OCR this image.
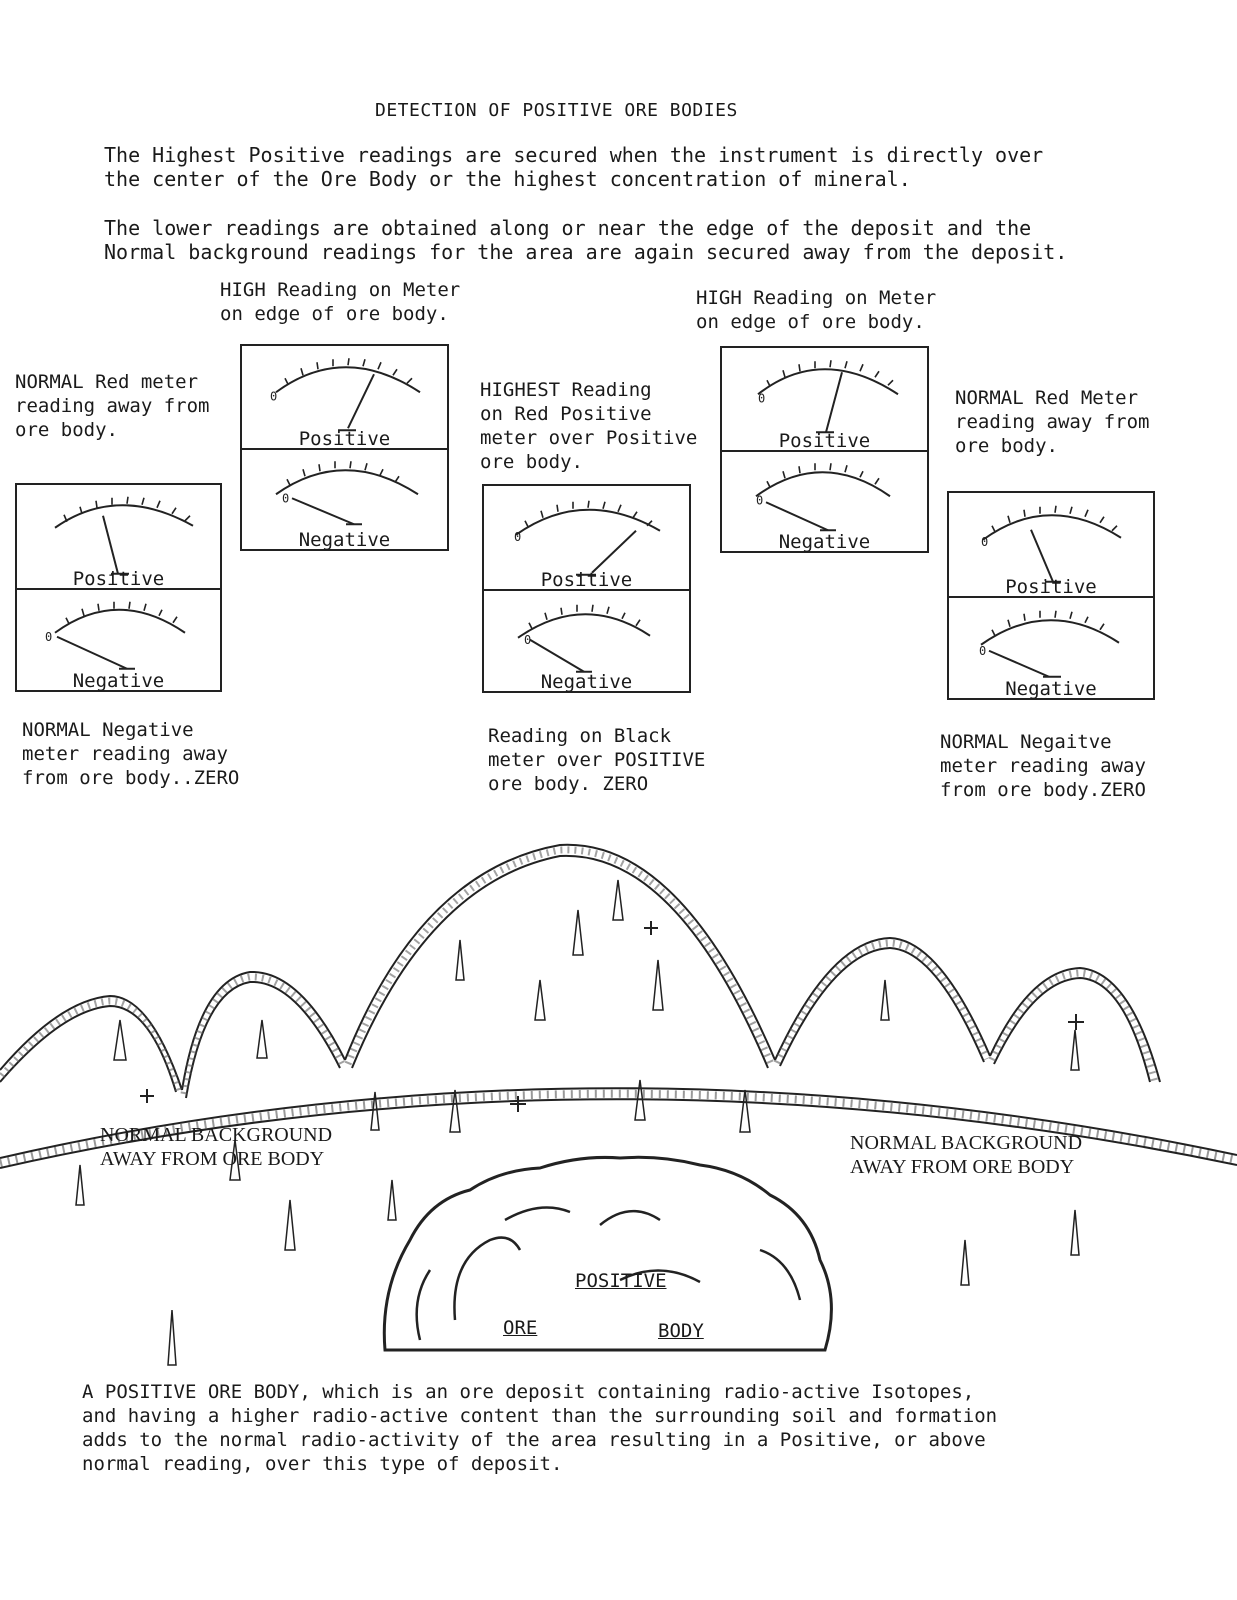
DETECTION OF POSITIVE ORE BODIES
The Highest Positive readings are secured when the instrument is directly over
the center of the Ore Body or the highest concentration of mineral.
The lower readings are obtained along or near the edge of the deposit and the
Normal background readings for the area are again secured away from the deposit.
HIGH Reading on Meter
on edge of ore body.
HIGH Reading on Meter
on edge of ore body.
NORMAL Red meter
reading away from
ore body.
HIGHEST Reading
on Red Positive
meter over Positive
ore body.
NORMAL Red Meter
reading away from
ore body.
NORMAL Negative
meter reading away
from ore body..ZERO
Reading on Black
meter over POSITIVE
ore body. ZERO
NORMAL Negaitve
meter reading away
from ore body.ZERO
Positive
0
Negative
0
Positive
0
Negative	0
Positive
0
Negative
0
Positive
0
Negative	0
Positive
0
Negative
NORMAL BACKGROUND
AWAY FROM ORE BODY
NORMAL BACKGROUND
AWAY FROM ORE BODY
POSITIVE
ORE	BODY
A POSITIVE ORE BODY, which is an ore deposit containing radio-active Isotopes,
and having a higher radio-active content than the surrounding soil and formation
adds to the normal radio-activity of the area resulting in a Positive, or above
normal reading, over this type of deposit.
